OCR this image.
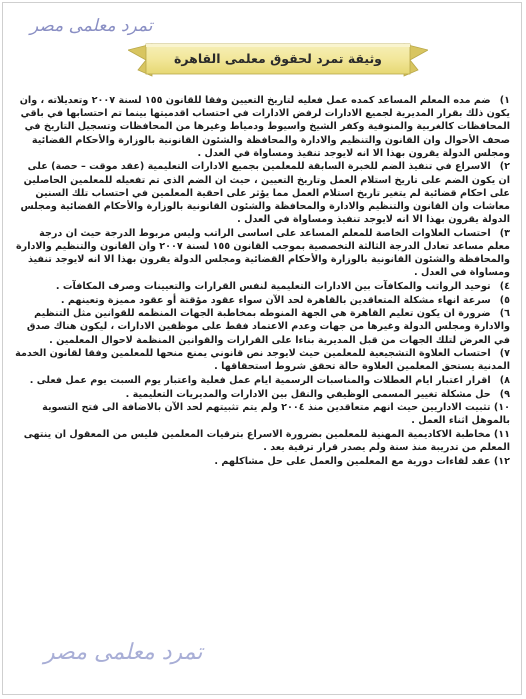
تمرد معلمى مصر
وثيقة تمرد لحقوق معلمى القاهرة
١) ضم مده المعلم المساعد كمده عمل فعليه لتاريخ التعيين وفقا للقانون ١٥٥ لسنة ٢٠٠٧ وتعديلاته ، وان يكون ذلك بقرار المديرية لجميع الادارات لرفض الادارات في احتساب اقدميتها بينما تم احتسابها في باقي المحافظات كالغربية والمنوفية وكفر الشيخ واسيوط ودمياط وغيرها من المحافظات وتسجيل التاريخ في صحف الأحوال وان القانون والتنظيم والادارة والمحافظة والشئون القانونية بالوزارة والأحكام القضائية ومجلس الدولة يقرون بهذا الا انه لايوجد تنفيذ ومساواة في العدل .
٢) الاسراع في تنفيذ الضم للخبرة السابقة للمعلمين بجميع الادارات التعليمية (عقد موقت – حصة) على ان يكون الضم على تاريخ استلام العمل وتاريخ التعيين ، حيث ان الضم الذى تم تفعيله للمعلمين الحاصلين على احكام قضائية لم يتغير تاريخ استلام العمل مما يؤثر على احقية المعلمين في احتساب تلك السنين معاشات وان القانون والتنظيم والادارة والمحافظة والشئون القانونية بالوزارة والأحكام القضائية ومجلس الدولة يقرون بهذا الا انه لايوجد تنفيذ ومساواة في العدل .
٣) احتساب العلاوات الخاصة للمعلم المساعد على اساسى الراتب وليس مربوط الدرجة حيث ان درجة معلم مساعد تعادل الدرجة الثالثة التخصصية بموجب القانون ١٥٥ لسنة ٢٠٠٧ وان القانون والتنظيم والادارة والمحافظة والشئون القانونية بالوزارة والأحكام القضائية ومجلس الدولة يقرون بهذا الا انه لايوجد تنفيذ ومساواة في العدل .
٤) توحيد الرواتب والمكافآت بين الادارات التعليمية لنفس القرارات والتعيينات وصرف المكافآت .
٥) سرعة انهاء مشكلة المتعاقدين بالقاهرة لحد الآن سواء عقود مؤقتة أو عقود مميزة وتعينهم .
٦) ضرورة ان يكون تعليم القاهرة هي الجهة المنوطه بمخاطبة الجهات المنظمه للقوانين مثل التنظيم والادارة ومجلس الدولة وغيرها من جهات وعدم الاعتماد فقط على موظفين الادارات ، ليكون هناك صدق في العرض لتلك الجهات من قبل المديرية بناءا على القرارات والقوانين المنظمة لاحوال المعلمين .
٧) احتساب العلاوة التشجيعية للمعلمين حيث لايوجد نص قانوني يمنع منحها للمعلمين وفقا لقانون الخدمة المدنية يستحق المعلمين العلاوة حالة تحقق شروط استحقاقها .
٨) اقرار اعتبار ايام العطلات والمناسبات الرسمية ايام عمل فعلية واعتبار يوم السبت يوم عمل فعلى .
٩) حل مشكلة تغيير المسمى الوظيفي والنقل بين الادارات والمديريات التعليمية .
١٠) تثبيت الاداريين حيث انهم متعاقدين منذ ٢٠٠٤ ولم يتم تثبيتهم لحد الآن بالاضافة الى فتح التسوية بالموهل اثناء العمل .
١١) مخاطبة الاكاديمية المهنية للمعلمين بضرورة الاسراع بترقيات المعلمين فليس من المعقول ان ينتهى المعلم من تدريبة منذ سنة ولم يصدر قرار ترقية بعد .
١٢) عقد لقاءات دورية مع المعلمين والعمل على حل مشاكلهم .
تمرد معلمى مصر
